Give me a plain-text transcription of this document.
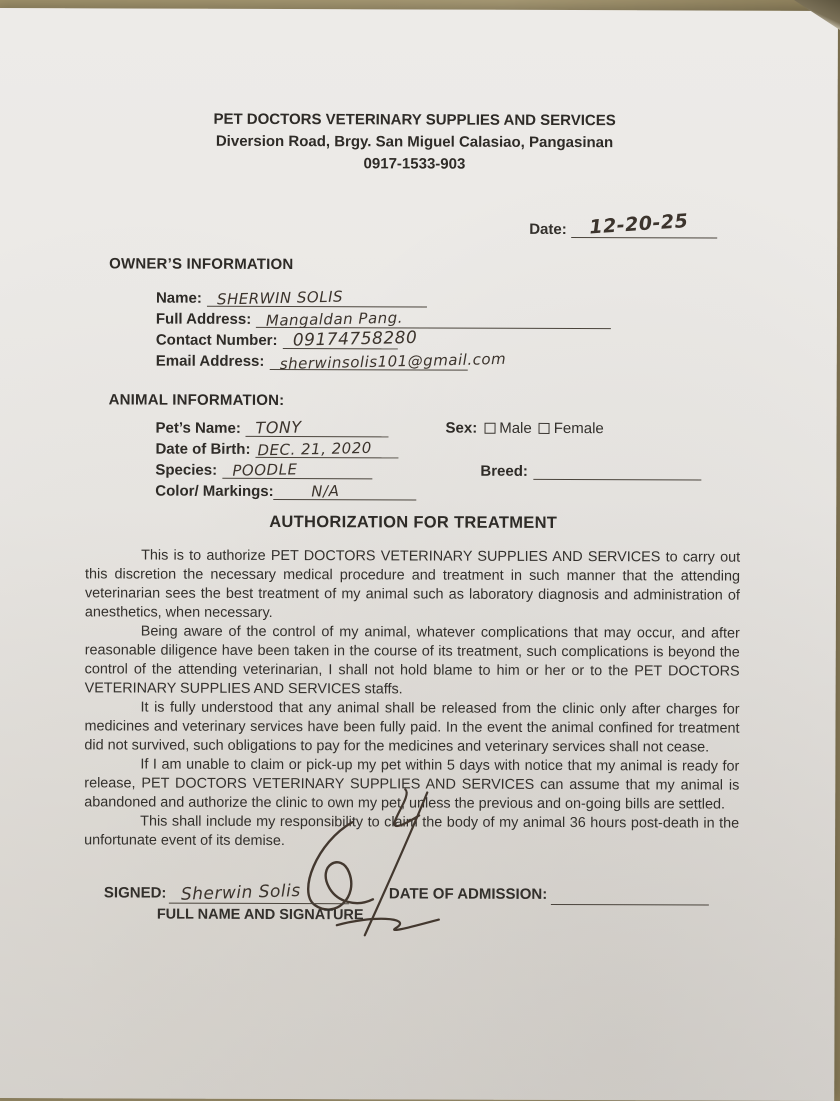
PET DOCTORS VETERINARY SUPPLIES AND SERVICES
Diversion Road, Brgy. San Miguel Calasiao, Pangasinan
0917-1533-903
Date: 12-20-25
OWNER’S INFORMATION
Name: SHERWIN SOLIS
Full Address: Mangaldan Pang.
Contact Number: 09174758280
Email Address: sherwinsolis101@gmail.com
ANIMAL INFORMATION:
Pet’s Name: TONY	Sex: Male Female
Date of Birth: DEC. 21, 2020
Species: POODLE	Breed:
Color/ Markings:	N/A
AUTHORIZATION FOR TREATMENT

This is to authorize PET DOCTORS VETERINARY SUPPLIES AND SERVICES to carry out this discretion the necessary medical procedure and treatment in such manner that the attending veterinarian sees the best treatment of my animal such as laboratory diagnosis and administration of anesthetics, when necessary.

Being aware of the control of my animal, whatever complications that may occur, and after reasonable diligence have been taken in the course of its treatment, such complications is beyond the control of the attending veterinarian, I shall not hold blame to him or her or to the PET DOCTORS VETERINARY SUPPLIES AND SERVICES staffs.

It is fully understood that any animal shall be released from the clinic only after charges for medicines and veterinary services have been fully paid. In the event the animal confined for treatment did not survived, such obligations to pay for the medicines and veterinary services shall not cease.

If I am unable to claim or pick-up my pet within 5 days with notice that my animal is ready for release, PET DOCTORS VETERINARY SUPPLIES AND SERVICES can assume that my animal is abandoned and authorize the clinic to own my pet, unless the previous and on-going bills are settled.

This shall include my responsibility to claim the body of my animal 36 hours post-death in the unfortunate event of its demise.

SIGNED: Sherwin Solis
FULL NAME AND SIGNATURE
DATE OF ADMISSION:
